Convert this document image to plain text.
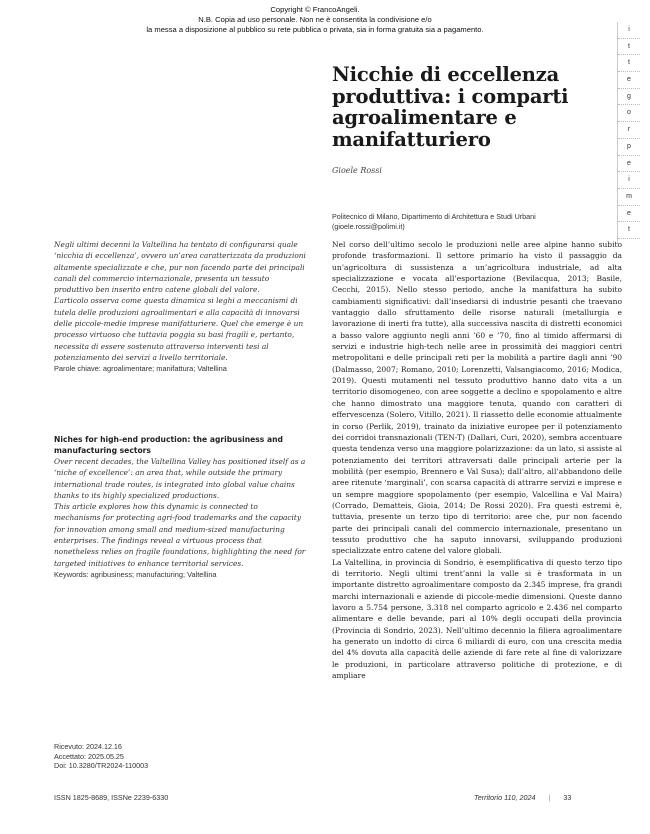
Copyright © FrancoAngeli.
N.B. Copia ad uso personale. Non ne è consentita la condivisione e/o
la messa a disposizione al pubblico su rete pubblica o privata, sia in forma gratuita sia a pagamento.	i
t
t
e
g
o
r
p
e
i
m
e
t
Nicchie di eccellenza produttiva: i comparti agroalimentare e manifatturiero
Gioele Rossi
Politecnico di Milano, Dipartimento di Architettura e Studi Urbani
(gioele.rossi@polimi.it)

Negli ultimi decenni la Valtellina ha tentato di configurarsi quale ‘nicchia di eccellenza’, ovvero un’area caratterizzata da produzioni altamente specializzate e che, pur non facendo parte dei principali canali del commercio internazionale, presenta un tessuto produttivo ben inserito entro catene globali del valore.

L’articolo osserva come questa dinamica si leghi a meccanismi di tutela delle produzioni agroalimentari e alla capacità di innovarsi delle piccole-medie imprese manifatturiere. Quel che emerge è un processo virtuoso che tuttavia poggia su basi fragili e, pertanto, necessita di essere sostenuto attraverso interventi tesi al potenziamento dei servizi a livello territoriale.

Parole chiave: agroalimentare; manifattura; Valtellina

Niches for high-end production: the agribusiness and manufacturing sectors

Over recent decades, the Valtellina Valley has positioned itself as a ‘niche of excellence’: an area that, while outside the primary international trade routes, is integrated into global value chains thanks to its highly specialized productions.

This article explores how this dynamic is connected to mechanisms for protecting agri-food trademarks and the capacity for innovation among small and medium-sized manufacturing enterprises. The findings reveal a virtuous process that nonetheless relies on fragile foundations, highlighting the need for targeted initiatives to enhance territorial services.

Keywords: agribusiness; manufacturing; Valtellina

Ricevuto: 2024.12.16
Accettato: 2025.05.25
Doi: 10.3280/TR2024-110003

Nel corso dell’ultimo secolo le produzioni nelle aree alpine hanno subito profonde trasformazioni. Il settore primario ha visto il passaggio da un’agricoltura di sussistenza a un’agricoltura industriale, ad alta specializzazione e vocata all’esportazione (Bevilacqua, 2013; Basile, Cecchi, 2015). Nello stesso periodo, anche la manifattura ha subito cambiamenti significativi: dall’insediarsi di industrie pesanti che traevano vantaggio dallo sfruttamento delle risorse naturali (metallurgia e lavorazione di inerti fra tutte), alla successiva nascita di distretti economici a basso valore aggiunto negli anni ’60 e ’70, fino al timido affermarsi di servizi e industrie high-tech nelle aree in prossimità dei maggiori centri metropolitani e delle principali reti per la mobilità a partire dagli anni ’90 (Dalmasso, 2007; Romano, 2010; Lorenzetti, Valsangiacomo, 2016; Modica, 2019). Questi mutamenti nel tessuto produttivo hanno dato vita a un territorio disomogeneo, con aree soggette a declino e spopolamento e altre che hanno dimostrato una maggiore tenuta, quando con caratteri di effervescenza (Solero, Vitillo, 2021). Il riassetto delle economie attualmente in corso (Perlik, 2019), trainato da iniziative europee per il potenziamento dei corridoi transnazionali (TEN-T) (Dallari, Curi, 2020), sembra accentuare questa tendenza verso una maggiore polarizzazione: da un lato, si assiste al potenziamento dei territori attraversati dalle principali arterie per la mobilità (per esempio, Brennero e Val Susa); dall’altro, all’abbandono delle aree ritenute ‘marginali’, con scarsa capacità di attrarre servizi e imprese e un sempre maggiore spopolamento (per esempio, Valcellina e Val Maira) (Corrado, Dematteis, Gioia, 2014; De Rossi 2020). Fra questi estremi è, tuttavia, presente un terzo tipo di territorio: aree che, pur non facendo parte dei principali canali del commercio internazionale, presentano un tessuto produttivo che ha saputo innovarsi, sviluppando produzioni specializzate entro catene del valore globali.

La Valtellina, in provincia di Sondrio, è esemplificativa di questo terzo tipo di territorio. Negli ultimi trent’anni la valle si è trasformata in un importante distretto agroalimentare composto da 2.345 imprese, fra grandi marchi internazionali e aziende di piccole-medie dimensioni. Queste danno lavoro a 5.754 persone, 3.318 nel comparto agricolo e 2.436 nel comparto alimentare e delle bevande, pari al 10% degli occupati della provincia (Provincia di Sondrio, 2023). Nell’ultimo decennio la filiera agroalimentare ha generato un indotto di circa 6 miliardi di euro, con una crescita media del 4% dovuta alla capacità delle aziende di fare rete al fine di valorizzare le produzioni, in particolare attraverso politiche di protezione, e di ampliare

ISSN 1825-8689, ISSNe 2239-6330	Territorio 110, 2024 | 33
